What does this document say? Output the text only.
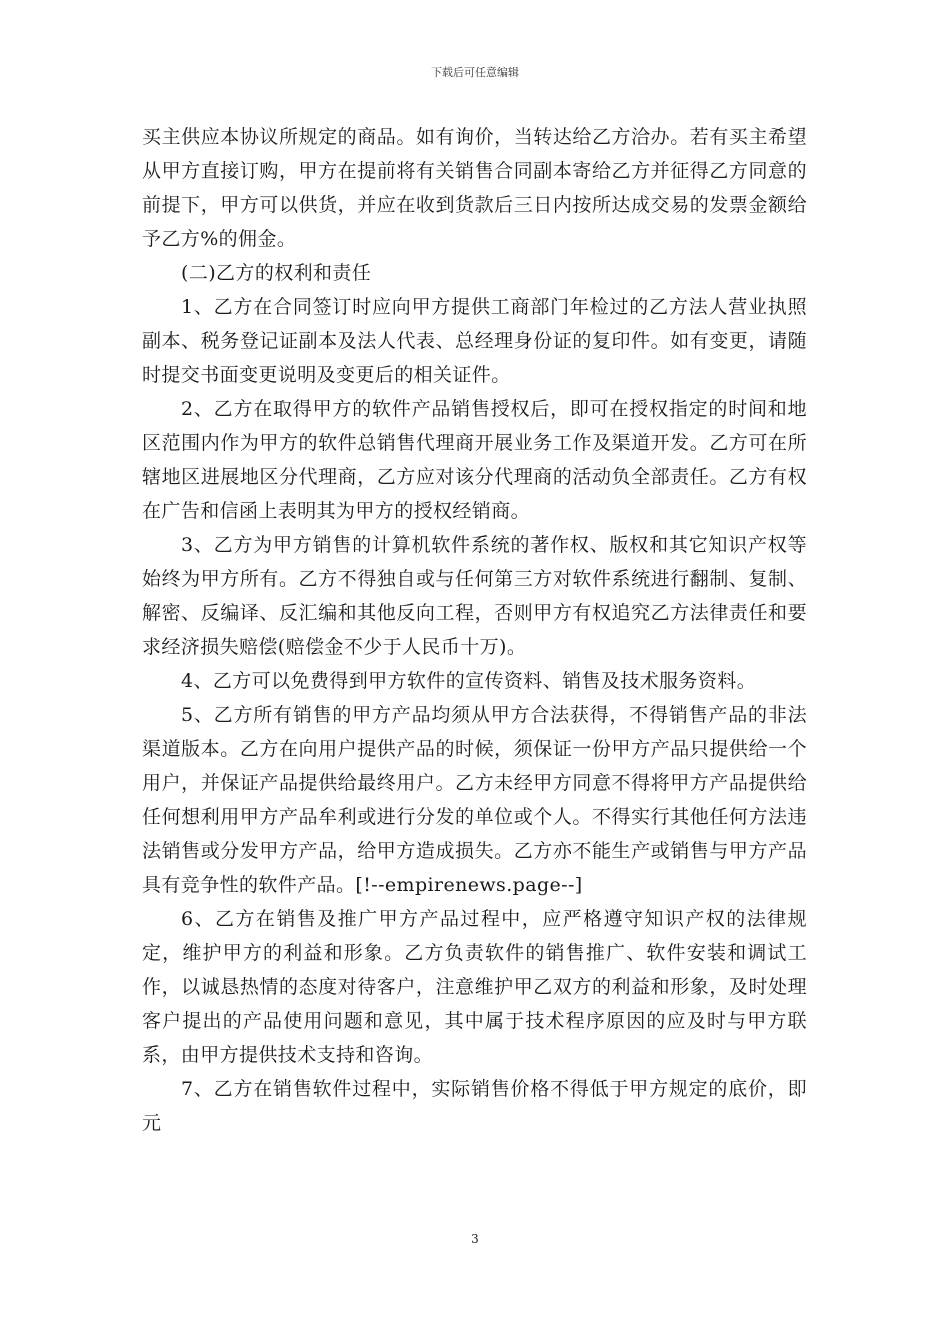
下载后可任意编辑

买主供应本协议所规定的商品。如有询价，当转达给乙方洽办。若有买主希望从甲方直接订购，甲方在提前将有关销售合同副本寄给乙方并征得乙方同意的前提下，甲方可以供货，并应在收到货款后三日内按所达成交易的发票金额给予乙方%的佣金。

(二)乙方的权利和责任

1、乙方在合同签订时应向甲方提供工商部门年检过的乙方法人营业执照副本、税务登记证副本及法人代表、总经理身份证的复印件。如有变更，请随时提交书面变更说明及变更后的相关证件。

2、乙方在取得甲方的软件产品销售授权后，即可在授权指定的时间和地区范围内作为甲方的软件总销售代理商开展业务工作及渠道开发。乙方可在所辖地区进展地区分代理商，乙方应对该分代理商的活动负全部责任。乙方有权在广告和信函上表明其为甲方的授权经销商。

3、乙方为甲方销售的计算机软件系统的著作权、版权和其它知识产权等始终为甲方所有。乙方不得独自或与任何第三方对软件系统进行翻制、复制、解密、反编译、反汇编和其他反向工程，否则甲方有权追究乙方法律责任和要求经济损失赔偿(赔偿金不少于人民币十万)。

4、乙方可以免费得到甲方软件的宣传资料、销售及技术服务资料。

5、乙方所有销售的甲方产品均须从甲方合法获得，不得销售产品的非法渠道版本。乙方在向用户提供产品的时候，须保证一份甲方产品只提供给一个用户，并保证产品提供给最终用户。乙方未经甲方同意不得将甲方产品提供给任何想利用甲方产品牟利或进行分发的单位或个人。不得实行其他任何方法违法销售或分发甲方产品，给甲方造成损失。乙方亦不能生产或销售与甲方产品具有竞争性的软件产品。[!--empirenews.page--]

6、乙方在销售及推广甲方产品过程中，应严格遵守知识产权的法律规定，维护甲方的利益和形象。乙方负责软件的销售推广、软件安装和调试工作，以诚恳热情的态度对待客户，注意维护甲乙双方的利益和形象，及时处理客户提出的产品使用问题和意见，其中属于技术程序原因的应及时与甲方联系，由甲方提供技术支持和咨询。

7、乙方在销售软件过程中，实际销售价格不得低于甲方规定的底价，即元

3
